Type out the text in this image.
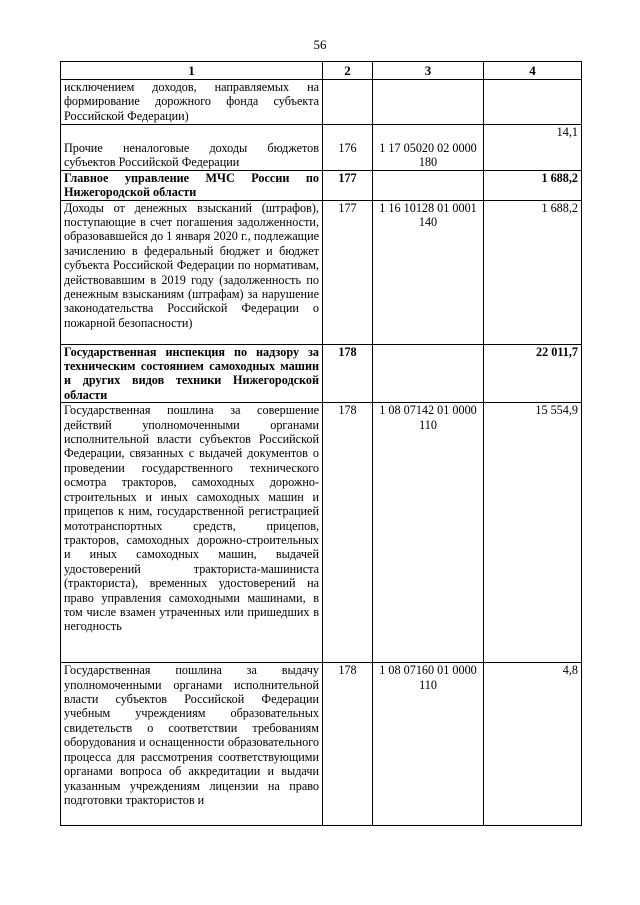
56
1	2	3	4
исключением доходов, направляемых на формирование дорожного фонда субъекта Российской Федерации)			

Прочие неналоговые доходы бюджетов субъектов Российской Федерации	176	1 17 05020 02 0000 180	14,1
Главное управление МЧС России по Нижегородской области	177		1 688,2
Доходы от денежных взысканий (штрафов), поступающие в счет погашения задолженности, образовавшейся до 1 января 2020 г., подлежащие зачислению в федеральный бюджет и бюджет субъекта Российской Федерации по нормативам, действовавшим в 2019 году (задолженность по денежным взысканиям (штрафам) за нарушение законодательства Российской Федерации о пожарной безопасности)	177	1 16 10128 01 0001 140	1 688,2
Государственная инспекция по надзору за техническим состоянием самоходных машин и других видов техники Нижегородской области	178		22 011,7
Государственная пошлина за совершение действий уполномоченными органами исполнительной власти субъектов Российской Федерации, связанных с выдачей документов о проведении государственного технического осмотра тракторов, самоходных дорожно-строительных и иных самоходных машин и прицепов к ним, государственной регистрацией мототранспортных средств, прицепов, тракторов, самоходных дорожно-строительных и иных самоходных машин, выдачей удостоверений тракториста-машиниста (тракториста), временных удостоверений на право управления самоходными машинами, в том числе взамен утраченных или пришедших в негодность	178	1 08 07142 01 0000 110	15 554,9
Государственная пошлина за выдачу уполномоченными органами исполнительной власти субъектов Российской Федерации учебным учреждениям образовательных свидетельств о соответствии требованиям оборудования и оснащенности образовательного процесса для рассмотрения соответствующими органами вопроса об аккредитации и выдачи указанным учреждениям лицензии на право подготовки трактористов и	178	1 08 07160 01 0000 110	4,8
